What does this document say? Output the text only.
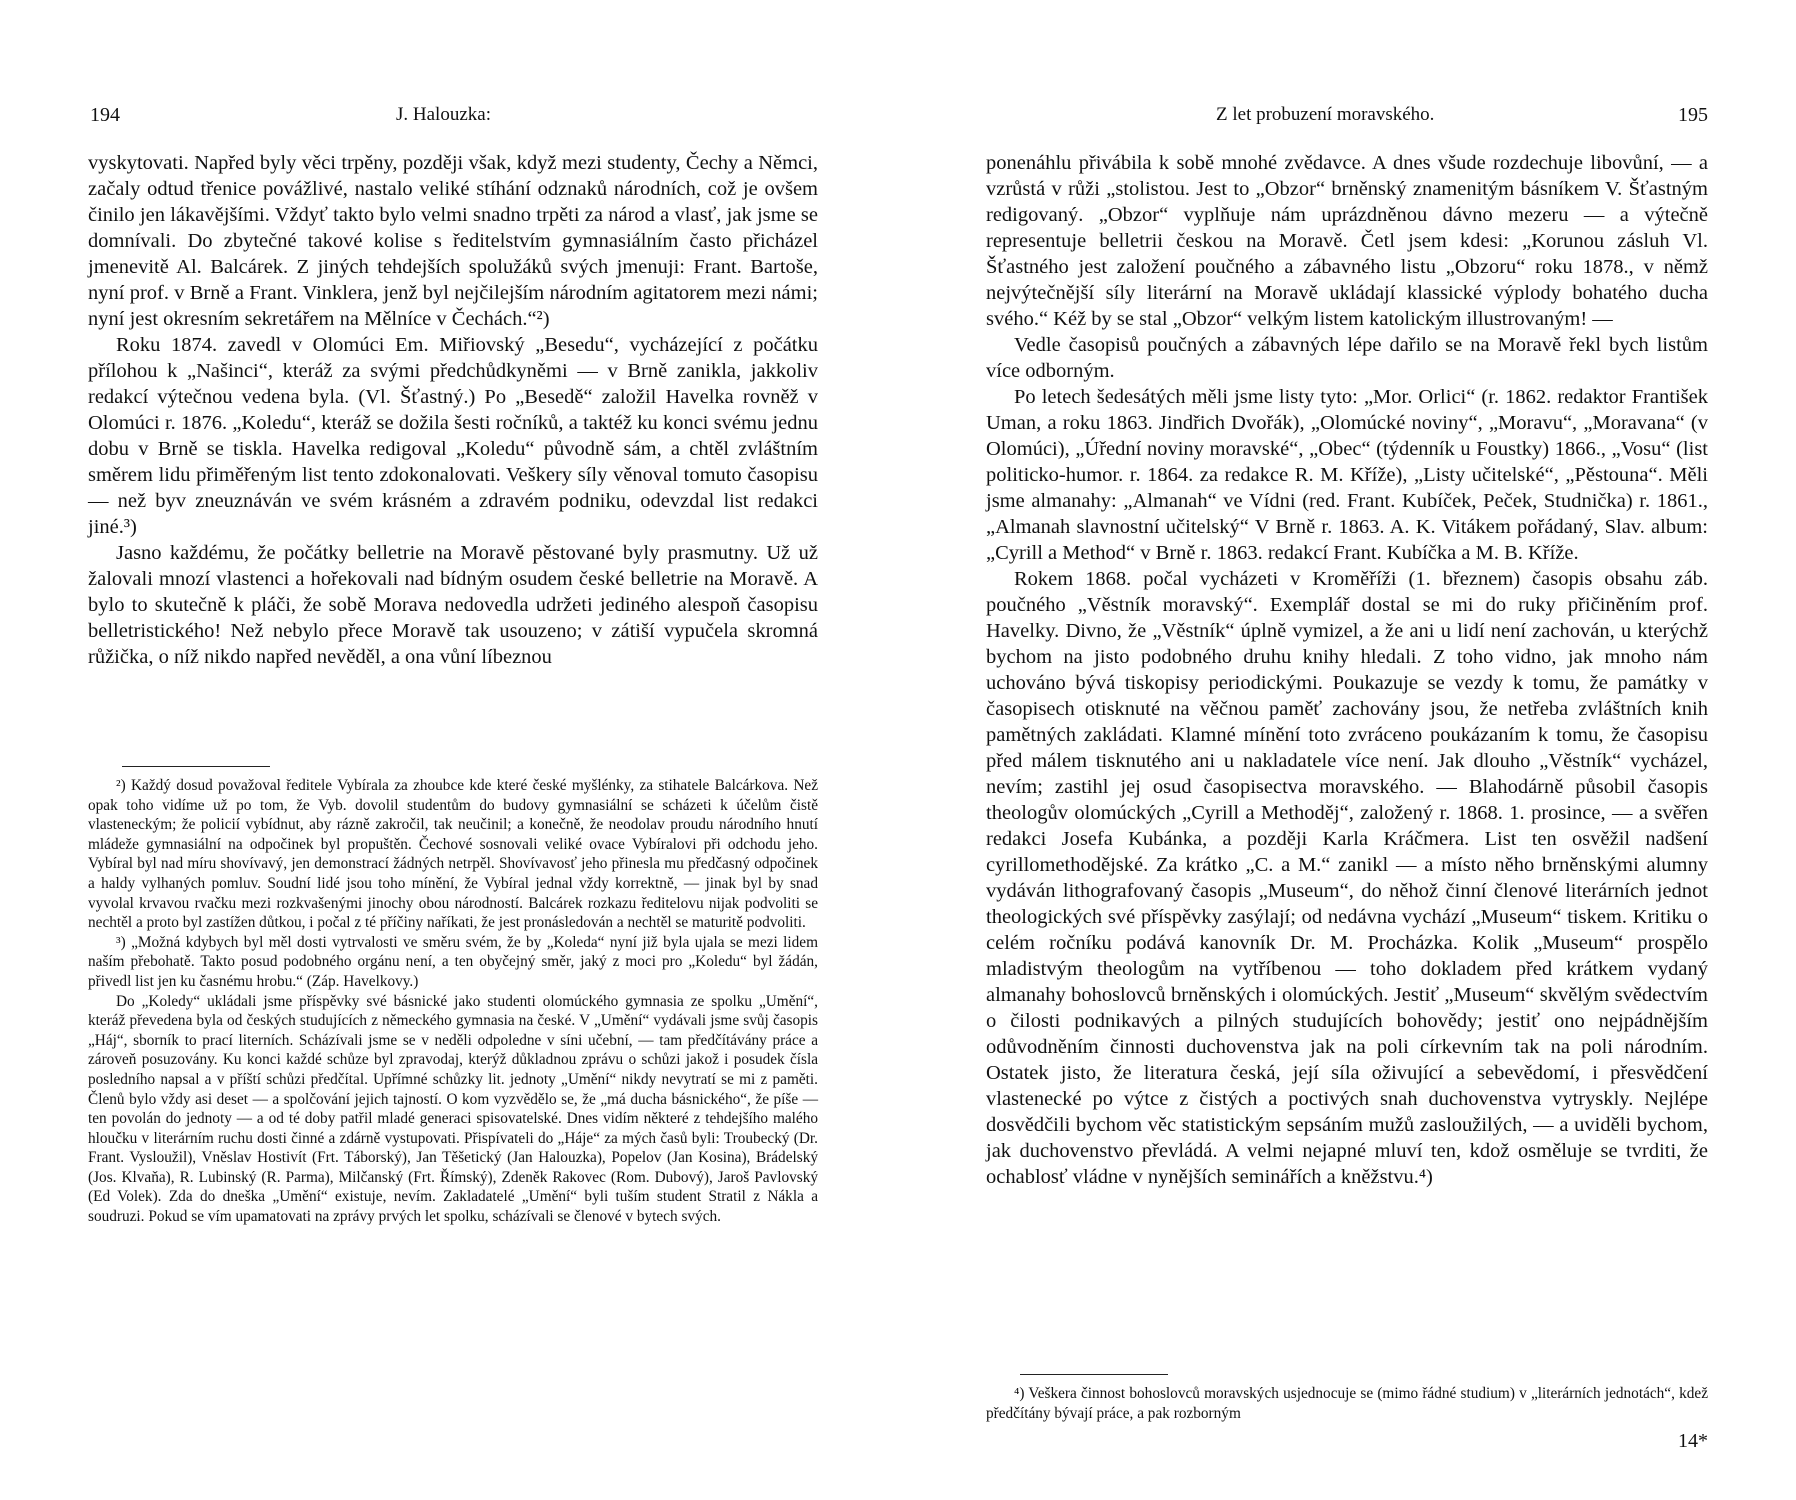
194	J. Halouzka:

vyskytovati. Napřed byly věci trpěny, později však, když mezi studenty, Čechy a Němci, začaly odtud třenice povážlivé, nastalo veliké stíhání odznaků národních, což je ovšem činilo jen lákavějšími. Vždyť takto bylo velmi snadno trpěti za národ a vlasť, jak jsme se domnívali. Do zbytečné takové kolise s ředitelstvím gymnasiálním často přicházel jmenevitě Al. Balcárek. Z jiných tehdejších spolužáků svých jmenuji: Frant. Bartoše, nyní prof. v Brně a Frant. Vinklera, jenž byl nejčilejším národním agitatorem mezi námi; nyní jest okresním sekretářem na Mělníce v Čechách.“²)

Roku 1874. zavedl v Olomúci Em. Miřiovský „Besedu“, vycházející z počátku přílohou k „Našinci“, kteráž za svými předchůdkyněmi — v Brně zanikla, jakkoliv redakcí výtečnou vedena byla. (Vl. Šťastný.) Po „Besedě“ založil Havelka rovněž v Olomúci r. 1876. „Koledu“, kteráž se dožila šesti ročníků, a taktéž ku konci svému jednu dobu v Brně se tiskla. Havelka redigoval „Koledu“ původně sám, a chtěl zvláštním směrem lidu přiměřeným list tento zdokonalovati. Veškery síly věnoval tomuto časopisu — než byv zneuznáván ve svém krásném a zdravém podniku, odevzdal list redakci jiné.³)

Jasno každému, že počátky belletrie na Moravě pěstované byly prasmutny. Už už žalovali mnozí vlastenci a hořekovali nad bídným osudem české belletrie na Moravě. A bylo to skutečně k pláči, že sobě Morava nedovedla udržeti jediného alespoň časopisu belletristického! Než nebylo přece Moravě tak usouzeno; v zátiší vypučela skromná růžička, o níž nikdo napřed nevěděl, a ona vůní líbeznou

²) Každý dosud považoval ředitele Vybírala za zhoubce kde které české myšlénky, za stihatele Balcárkova. Než opak toho vidíme už po tom, že Vyb. dovolil studentům do budovy gymnasiální se scházeti k účelům čistě vlasteneckým; že policií vybídnut, aby rázně zakročil, tak neučinil; a konečně, že neodolav proudu národního hnutí mládeže gymnasiální na odpočinek byl propuštěn. Čechové sosnovali veliké ovace Vybíralovi při odchodu jeho. Vybíral byl nad míru shovívavý, jen demonstrací žádných netrpěl. Shovívavosť jeho přinesla mu předčasný odpočinek a haldy vylhaných pomluv. Soudní lidé jsou toho mínění, že Vybíral jednal vždy korrektně, — jinak byl by snad vyvolal krvavou rvačku mezi rozkvašenými jinochy obou národností. Balcárek rozkazu ředitelovu nijak podvoliti se nechtěl a proto byl zastížen důtkou, i počal z té příčiny naříkati, že jest pronásledován a nechtěl se maturitě podvoliti.

³) „Možná kdybych byl měl dosti vytrvalosti ve směru svém, že by „Koleda“ nyní již byla ujala se mezi lidem naším přebohatě. Takto posud podobného orgánu není, a ten obyčejný směr, jaký z moci pro „Koledu“ byl žádán, přivedl list jen ku časnému hrobu.“ (Záp. Havelkovy.)

Do „Koledy“ ukládali jsme příspěvky své básnické jako studenti olomúckého gymnasia ze spolku „Umění“, kteráž převedena byla od českých studujících z německého gymnasia na české. V „Umění“ vydávali jsme svůj časopis „Háj“, sborník to prací literních. Scházívali jsme se v neděli odpoledne v síni učební, — tam předčítávány práce a zároveň posuzovány. Ku konci každé schůze byl zpravodaj, kterýž důkladnou zprávu o schůzi jakož i posudek čísla posledního napsal a v příští schůzi předčítal. Upřímné schůzky lit. jednoty „Umění“ nikdy nevytratí se mi z paměti. Členů bylo vždy asi deset — a spolčování jejich tajností. O kom vyzvědělo se, že „má ducha básnického“, že píše — ten povolán do jednoty — a od té doby patřil mladé generaci spisovatelské. Dnes vidím některé z tehdejšího malého hloučku v literárním ruchu dosti činné a zdárně vystupovati. Přispívateli do „Háje“ za mých časů byli: Troubecký (Dr. Frant. Vysloužil), Vněslav Hostivít (Frt. Táborský), Jan Těšetický (Jan Halouzka), Popelov (Jan Kosina), Brádelský (Jos. Klvaňa), R. Lubinský (R. Parma), Milčanský (Frt. Římský), Zdeněk Rakovec (Rom. Dubový), Jaroš Pavlovský (Ed Volek). Zda do dneška „Umění“ existuje, nevím. Zakladatelé „Umění“ byli tuším student Stratil z Nákla a soudruzi. Pokud se vím upamatovati na zprávy prvých let spolku, scházívali se členové v bytech svých.

Z let probuzení moravského.	195

ponenáhlu přivábila k sobě mnohé zvědavce. A dnes všude rozdechuje libovůní, — a vzrůstá v růži „stolistou. Jest to „Obzor“ brněnský znamenitým básníkem V. Šťastným redigovaný. „Obzor“ vyplňuje nám uprázdněnou dávno mezeru — a výtečně representuje belletrii českou na Moravě. Četl jsem kdesi: „Korunou zásluh Vl. Šťastného jest založení poučného a zábavného listu „Obzoru“ roku 1878., v němž nejvýtečnější síly literární na Moravě ukládají klassické výplody bohatého ducha svého.“ Kéž by se stal „Obzor“ velkým listem katolickým illustrovaným! —

Vedle časopisů poučných a zábavných lépe dařilo se na Moravě řekl bych listům více odborným.

Po letech šedesátých měli jsme listy tyto: „Mor. Orlici“ (r. 1862. redaktor František Uman, a roku 1863. Jindřich Dvořák), „Olomúcké noviny“, „Moravu“, „Moravana“ (v Olomúci), „Úřední noviny moravské“, „Obec“ (týdenník u Foustky) 1866., „Vosu“ (list politicko-humor. r. 1864. za redakce R. M. Kříže), „Listy učitelské“, „Pěstouna“. Měli jsme almanahy: „Almanah“ ve Vídni (red. Frant. Kubíček, Peček, Studnička) r. 1861., „Almanah slavnostní učitelský“ V Brně r. 1863. A. K. Vitákem pořádaný, Slav. album: „Cyrill a Method“ v Brně r. 1863. redakcí Frant. Kubíčka a M. B. Kříže.

Rokem 1868. počal vycházeti v Kroměříži (1. březnem) časopis obsahu záb. poučného „Věstník moravský“. Exemplář dostal se mi do ruky přičiněním prof. Havelky. Divno, že „Věstník“ úplně vymizel, a že ani u lidí není zachován, u kterýchž bychom na jisto podobného druhu knihy hledali. Z toho vidno, jak mnoho nám uchováno bývá tiskopisy periodickými. Poukazuje se vezdy k tomu, že památky v časopisech otisknuté na věčnou paměť zachovány jsou, že netřeba zvláštních knih pamětných zakládati. Klamné mínění toto zvráceno poukázaním k tomu, že časopisu před málem tisknutého ani u nakladatele více není. Jak dlouho „Věstník“ vycházel, nevím; zastihl jej osud časopisectva moravského. — Blahodárně působil časopis theologův olomúckých „Cyrill a Methoděj“, založený r. 1868. 1. prosince, — a svěřen redakci Josefa Kubánka, a později Karla Kráčmera. List ten osvěžil nadšení cyrillomethodějské. Za krátko „C. a M.“ zanikl — a místo něho brněnskými alumny vydáván lithografovaný časopis „Museum“, do něhož činní členové literárních jednot theologických své příspěvky zasýlají; od nedávna vychází „Museum“ tiskem. Kritiku o celém ročníku podává kanovník Dr. M. Procházka. Kolik „Museum“ prospělo mladistvým theologům na vytříbenou — toho dokladem před krátkem vydaný almanahy bohoslovců brněnských i olomúckých. Jestiť „Museum“ skvělým svědectvím o čilosti podnikavých a pilných studujících bohovědy; jestiť ono nejpádnějším odůvodněním činnosti duchovenstva jak na poli církevním tak na poli národním. Ostatek jisto, že literatura česká, její síla oživující a sebevědomí, i přesvědčení vlastenecké po výtce z čistých a poctivých snah duchovenstva vytryskly. Nejlépe dosvědčili bychom věc statistickým sepsáním mužů zasloužilých, — a uviděli bychom, jak duchovenstvo převládá. A velmi nejapné mluví ten, kdož osměluje se tvrditi, že ochablosť vládne v nynějších seminářích a kněžstvu.⁴)

⁴) Veškera činnost bohoslovců moravských usjednocuje se (mimo řádné studium) v „literárních jednotách“, kdež předčítány bývají práce, a pak rozborným

14*
